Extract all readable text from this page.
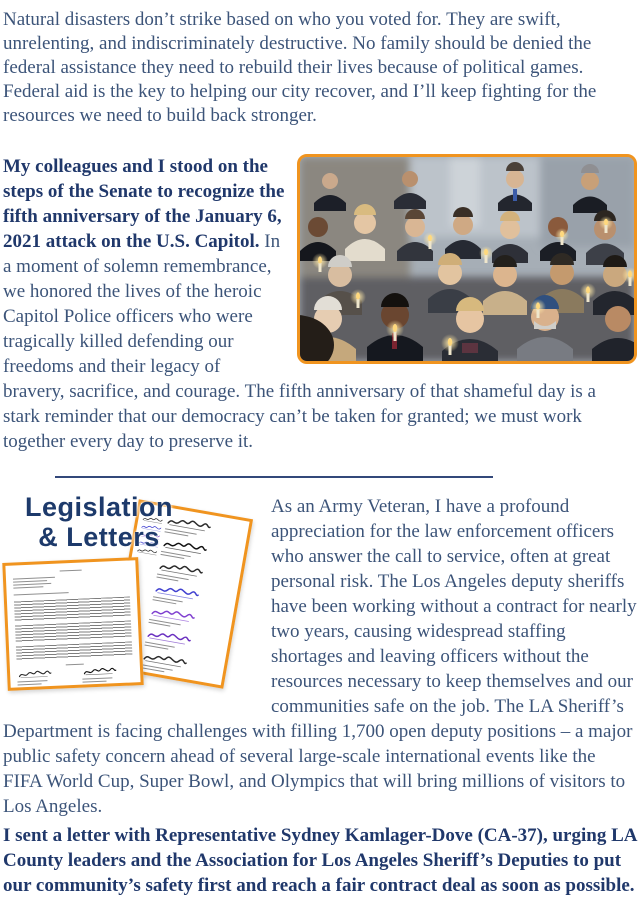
Natural disasters don’t strike based on who you voted for. They are swift, unrelenting, and indiscriminately destructive. No family should be denied the federal assistance they need to rebuild their lives because of political games. Federal aid is the key to helping our city recover, and I’ll keep fighting for the resources we need to build back stronger.

My colleagues and I stood on the steps of the Senate to recognize the fifth anniversary of the January 6, 2021 attack on the U.S. Capitol. In a moment of solemn remembrance, we honored the lives of the heroic Capitol Police officers who were tragically killed defending our freedoms and their legacy of bravery, sacrifice, and courage. The fifth anniversary of that shameful day is a stark reminder that our democracy can’t be taken for granted; we must work together every day to preserve it.
Legislation
& Letters

As an Army Veteran, I have a profound appreciation for the law enforcement officers who answer the call to service, often at great personal risk. The Los Angeles deputy sheriffs have been working without a contract for nearly two years, causing widespread staffing shortages and leaving officers without the resources necessary to keep themselves and our communities safe on the job. The LA Sheriff’s Department is facing challenges with filling 1,700 open deputy positions – a major public safety concern ahead of several large-scale international events like the FIFA World Cup, Super Bowl, and Olympics that will bring millions of visitors to Los Angeles.

I sent a letter with Representative Sydney Kamlager-Dove (CA-37), urging LA County leaders and the Association for Los Angeles Sheriff’s Deputies to put our community’s safety first and reach a fair contract deal as soon as possible.
